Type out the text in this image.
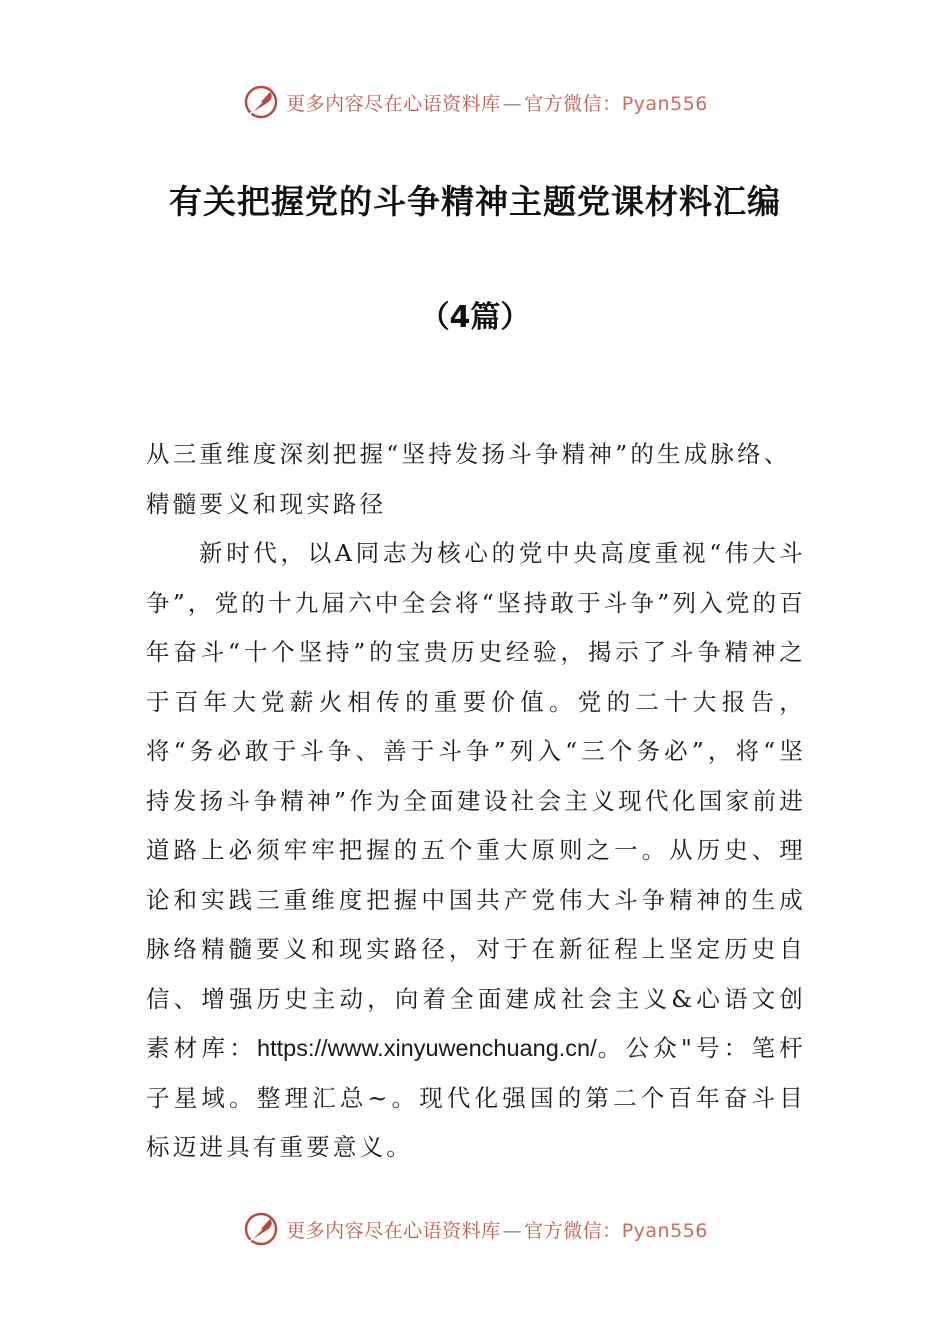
更多内容尽在心语资料库 — 官方微信：Pyan556
有关把握党的斗争精神主题党课材料汇编
（4篇）

从三重维度深刻把握“坚持发扬斗争精神”的生成脉络、精髓要义和现实路径

新时代，以A同志为核心的党中央高度重视“伟大斗争”，党的十九届六中全会将“坚持敢于斗争”列入党的百年奋斗“十个坚持”的宝贵历史经验，揭示了斗争精神之于百年大党薪火相传的重要价值。党的二十大报告，将“务必敢于斗争、善于斗争”列入“三个务必”，将“坚持发扬斗争精神”作为全面建设社会主义现代化国家前进道路上必须牢牢把握的五个重大原则之一。从历史、理论和实践三重维度把握中国共产党伟大斗争精神的生成脉络精髓要义和现实路径，对于在新征程上坚定历史自信、增强历史主动，向着全面建成社会主义&心语文创素材库：https://www.xinyuwenchuang.cn/。公众"号：笔杆子星域。整理汇总~。现代化强国的第二个百年奋斗目标迈进具有重要意义。

更多内容尽在心语资料库 — 官方微信：Pyan556
